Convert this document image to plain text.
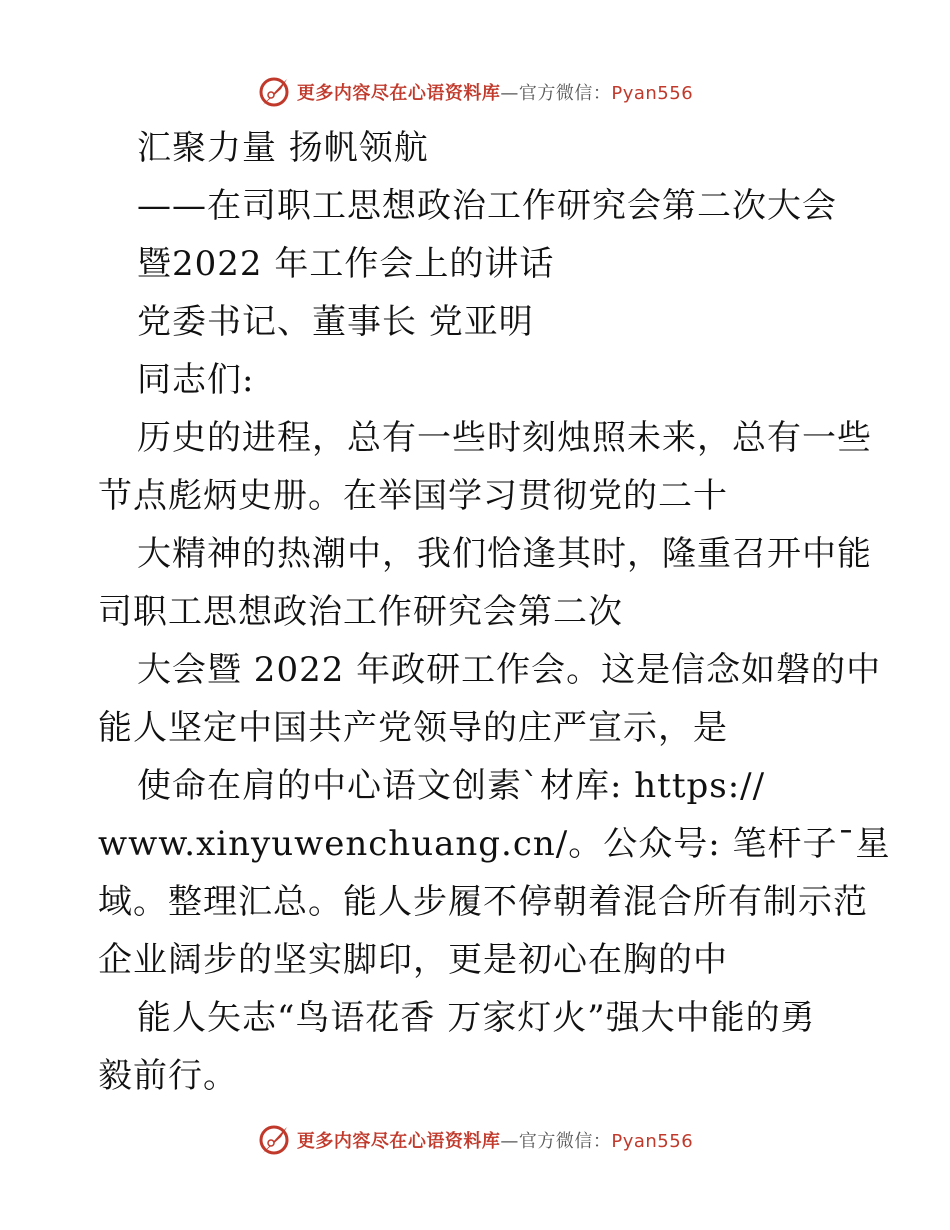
更多内容尽在心语资料库—官方微信：Pyan556
汇聚力量 扬帆领航
——在司职工思想政治工作研究会第二次大会
暨2022 年工作会上的讲话
党委书记、董事长 党亚明
同志们:
历史的进程，总有一些时刻烛照未来，总有一些
节点彪炳史册。在举国学习贯彻党的二十
大精神的热潮中，我们恰逢其时，隆重召开中能
司职工思想政治工作研究会第二次
大会暨 2022 年政研工作会。这是信念如磐的中
能人坚定中国共产党领导的庄严宣示，是
使命在肩的中心语文创素`材库: https://
www.xinyuwenchuang.cn/。公众号: 笔杆子¯星
域。整理汇总。能人步履不停朝着混合所有制示范
企业阔步的坚实脚印，更是初心在胸的中
能人矢志“鸟语花香 万家灯火”强大中能的勇
毅前行。
更多内容尽在心语资料库—官方微信：Pyan556
